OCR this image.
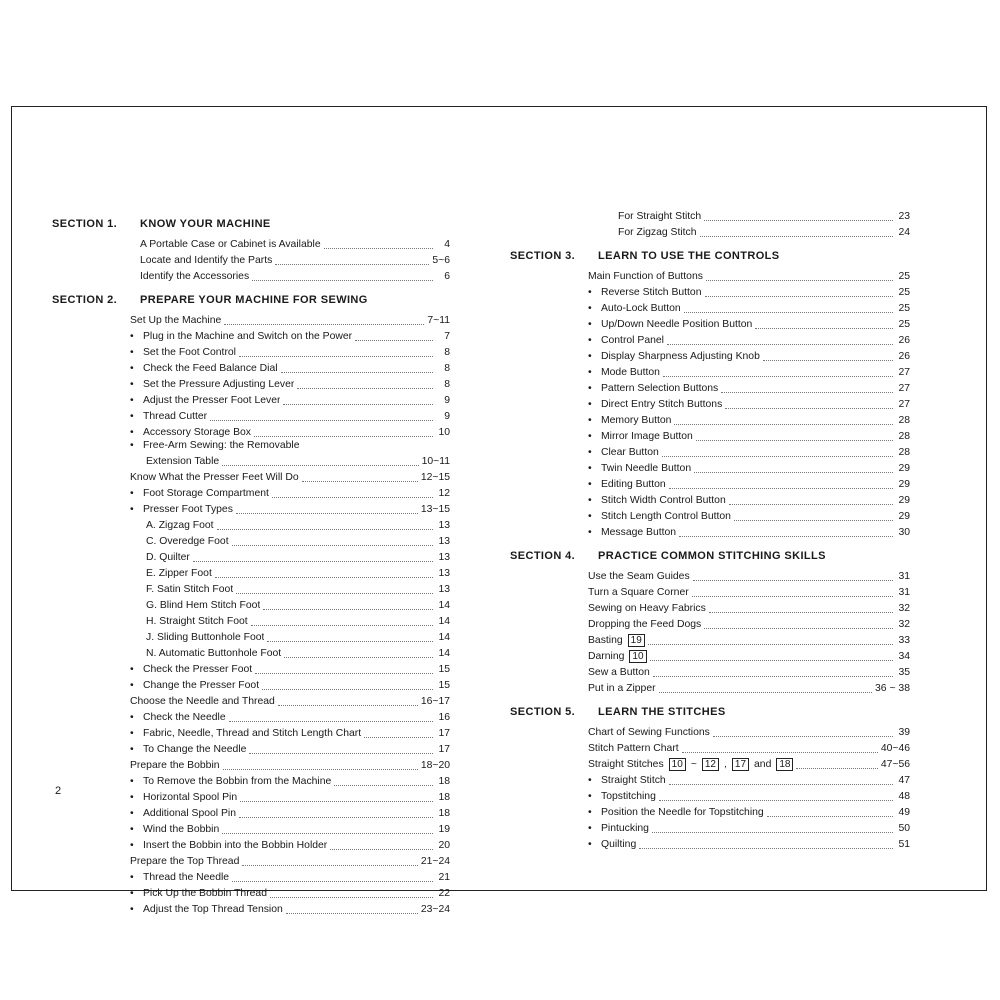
SECTION 1.	KNOW YOUR MACHINE
A Portable Case or Cabinet is Available	4
Locate and Identify the Parts	5~6
Identify the Accessories	6
SECTION 2.	PREPARE YOUR MACHINE FOR SEWING
Set Up the Machine	7~11
• Plug in the Machine and Switch on the Power	7
• Set the Foot Control	8
• Check the Feed Balance Dial	8
• Set the Pressure Adjusting Lever	8
• Adjust the Presser Foot Lever	9
• Thread Cutter	9
• Accessory Storage Box	10
• Free-Arm Sewing: the Removable
Extension Table	10~11
Know What the Presser Feet Will Do	12~15
• Foot Storage Compartment	12
• Presser Foot Types	13~15
A. Zigzag Foot	13
C. Overedge Foot	13
D. Quilter	13
E. Zipper Foot	13
F. Satin Stitch Foot	13
G. Blind Hem Stitch Foot	14
H. Straight Stitch Foot	14
J. Sliding Buttonhole Foot	14
N. Automatic Buttonhole Foot	14
• Check the Presser Foot	15
• Change the Presser Foot	15
Choose the Needle and Thread	16~17
• Check the Needle	16
• Fabric, Needle, Thread and Stitch Length Chart	17
• To Change the Needle	17
Prepare the Bobbin	18~20
• To Remove the Bobbin from the Machine	18
• Horizontal Spool Pin	18
• Additional Spool Pin	18
• Wind the Bobbin	19
• Insert the Bobbin into the Bobbin Holder	20
Prepare the Top Thread	21~24
• Thread the Needle	21
• Pick Up the Bobbin Thread	22
• Adjust the Top Thread Tension	23~24
For Straight Stitch	23
For Zigzag Stitch	24
SECTION 3.	LEARN TO USE THE CONTROLS
Main Function of Buttons	25
• Reverse Stitch Button	25
• Auto-Lock Button	25
• Up/Down Needle Position Button	25
• Control Panel	26
• Display Sharpness Adjusting Knob	26
• Mode Button	27
• Pattern Selection Buttons	27
• Direct Entry Stitch Buttons	27
• Memory Button	28
• Mirror Image Button	28
• Clear Button	28
• Twin Needle Button	29
• Editing Button	29
• Stitch Width Control Button	29
• Stitch Length Control Button	29
• Message Button	30
SECTION 4.	PRACTICE COMMON STITCHING SKILLS
Use the Seam Guides	31
Turn a Square Corner	31
Sewing on Heavy Fabrics	32
Dropping the Feed Dogs	32
Basting 19	33
Darning 10	34
Sew a Button	35
Put in a Zipper	36 ~ 38
SECTION 5.	LEARN THE STITCHES
Chart of Sewing Functions	39
Stitch Pattern Chart	40~46
Straight Stitches 10 ~ 12 , 17 and 18	47~56
• Straight Stitch	47
• Topstitching	48
• Position the Needle for Topstitching	49
• Pintucking	50
• Quilting	51
2
